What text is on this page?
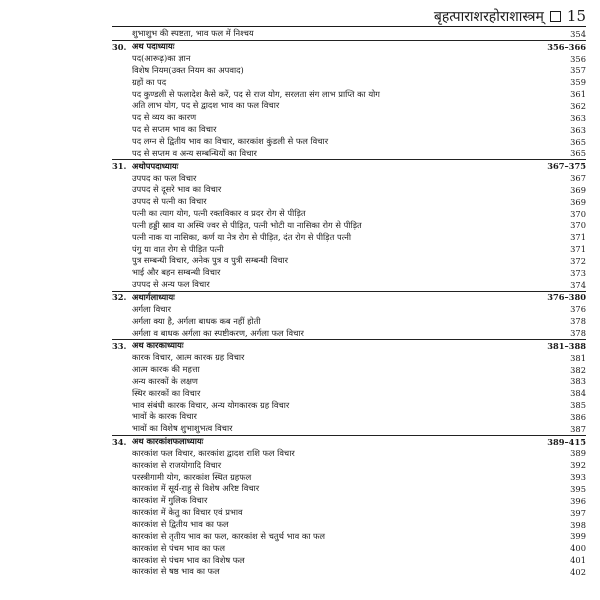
बृहत्पाराशरहोराशास्त्रम् 15
शुभाशुभ की स्पष्टता, भाव फल में निश्चय	354
30. अथ पदाध्यायः	356–366
पद(आरूढ़)का ज्ञान	356
विशेष नियम(उक्त नियम का अपवाद)	357
ग्रहों का पद	359
पद कुण्डली से फलादेश कैसे करें, पद से राज योग, सरलता संग लाभ प्राप्ति का योग	361
अति लाभ योग, पद से द्वादश भाव का फल विचार	362
पद से व्यय का कारण	363
पद से सप्तम भाव का विचार	363
पद लग्न से द्वितीय भाव का विचार, कारकांश कुंडली से फल विचार	365
पद से सप्तम व अन्य सम्बन्धियों का विचार	365
31. अथोपपदाध्यायः	367–375
उपपद का फल विचार	367
उपपद से दूसरे भाव का विचार	369
उपपद से पत्नी का विचार	369
पत्नी का त्याग योग, पत्नी रक्तविकार व प्रदर रोग से पीड़ित	370
पत्नी हड्डी स्राव या अस्थि ज्वर से पीड़ित, पत्नी भोटी या नासिका रोग से पीड़ित	370
पत्नी नाक या नासिका, कर्ण या नेत्र रोग से पीड़ित, दंत रोग से पीड़ित पत्नी	371
पंगु या वात रोग से पीड़ित पत्नी	371
पुत्र सम्बन्धी विचार, अनेक पुत्र व पुत्री सम्बन्धी विचार	372
भाई और बहन सम्बन्धी विचार	373
उपपद से अन्य फल विचार	374
32. अथार्गलाध्यायः	376–380
अर्गला विचार	376
अर्गला क्या है, अर्गला बाधक कब नहीं होती	378
अर्गला व बाधक अर्गला का स्पष्टीकरण, अर्गला फल विचार	378
33. अथ कारकाध्यायः	381–388
कारक विचार, आत्म कारक ग्रह विचार	381
आत्म कारक की महत्ता	382
अन्य कारकों के लक्षण	383
स्थिर कारकों का विचार	384
भाव संबंधी कारक विचार, अन्य योगकारक ग्रह विचार	385
भावों के कारक विचार	386
भावों का विशेष शुभाशुभत्व विचार	387
34. अथ कारकांशफलाध्यायः	389–415
कारकांश फल विचार, कारकांश द्वादश राशि फल विचार	389
कारकांश से राजयोगादि विचार	392
परस्त्रीगामी योग, कारकांश स्थित ग्रहफल	393
कारकांश में सूर्य-राहु से विशेष अरिष्ट विचार	395
कारकांश में गुलिक विचार	396
कारकांश में केतु का विचार एवं प्रभाव	397
कारकांश से द्वितीय भाव का फल	398
कारकांश से तृतीय भाव का फल, कारकांश से चतुर्थ भाव का फल	399
कारकांश से पंचम भाव का फल	400
कारकांश से पंचम भाव का विशेष फल	401
कारकांश से षष्ठ भाव का फल	402
